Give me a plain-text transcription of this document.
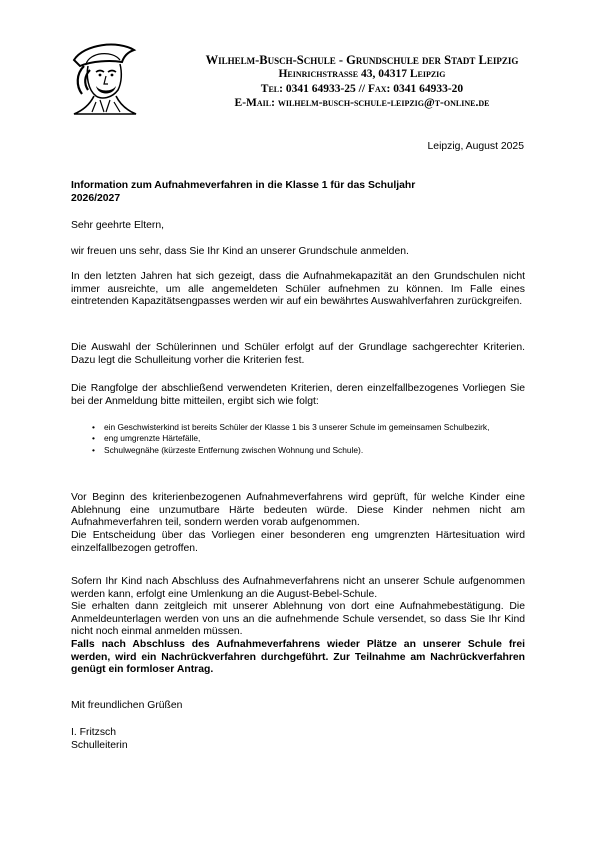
Wilhelm-Busch-Schule - Grundschule der Stadt Leipzig
Heinrichstraße 43, 04317 Leipzig
Tel: 0341 64933-25 // Fax: 0341 64933-20
E-Mail: wilhelm-busch-schule-leipzig@t-online.de
Leipzig, August 2025
Information zum Aufnahmeverfahren in die Klasse 1 für das Schuljahr
2026/2027
Sehr geehrte Eltern,
wir freuen uns sehr, dass Sie Ihr Kind an unserer Grundschule anmelden.
In den letzten Jahren hat sich gezeigt, dass die Aufnahmekapazität an den Grundschulen nicht immer ausreichte, um alle angemeldeten Schüler aufnehmen zu können. Im Falle eines eintretenden Kapazitätsengpasses werden wir auf ein bewährtes Auswahlverfahren zurückgreifen.
Die Auswahl der Schülerinnen und Schüler erfolgt auf der Grundlage sachgerechter Kriterien. Dazu legt die Schulleitung vorher die Kriterien fest.
Die Rangfolge der abschließend verwendeten Kriterien, deren einzelfallbezogenes Vorliegen Sie bei der Anmeldung bitte mitteilen, ergibt sich wie folgt:
• ein Geschwisterkind ist bereits Schüler der Klasse 1 bis 3 unserer Schule im gemeinsamen Schulbezirk,
• eng umgrenzte Härtefälle,
• Schulwegnähe (kürzeste Entfernung zwischen Wohnung und Schule).
Vor Beginn des kriterienbezogenen Aufnahmeverfahrens wird geprüft, für welche Kinder eine Ablehnung eine unzumutbare Härte bedeuten würde. Diese Kinder nehmen nicht am Aufnahmeverfahren teil, sondern werden vorab aufgenommen.
Die Entscheidung über das Vorliegen einer besonderen eng umgrenzten Härtesituation wird einzelfallbezogen getroffen.
Sofern Ihr Kind nach Abschluss des Aufnahmeverfahrens nicht an unserer Schule aufgenommen werden kann, erfolgt eine Umlenkung an die August-Bebel-Schule.
Sie erhalten dann zeitgleich mit unserer Ablehnung von dort eine Aufnahmebestätigung. Die Anmeldeunterlagen werden von uns an die aufnehmende Schule versendet, so dass Sie Ihr Kind nicht noch einmal anmelden müssen.
Falls nach Abschluss des Aufnahmeverfahrens wieder Plätze an unserer Schule frei werden, wird ein Nachrückverfahren durchgeführt. Zur Teilnahme am Nachrückverfahren genügt ein formloser Antrag.
Mit freundlichen Grüßen
I. Fritzsch
Schulleiterin
